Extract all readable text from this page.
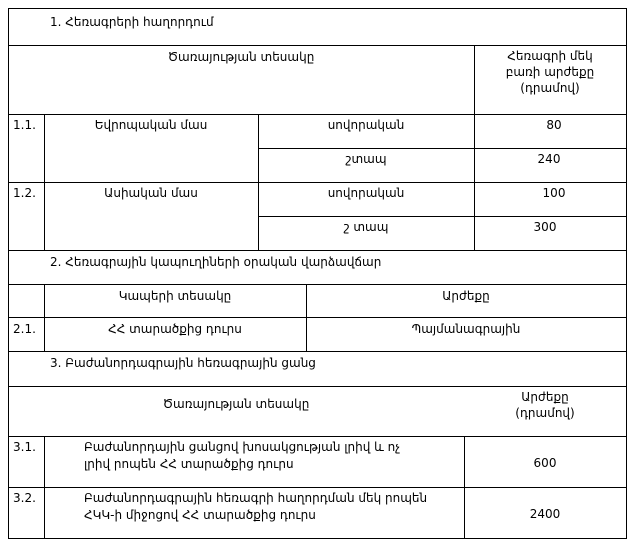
1. Հեռագրերի հաղորդում
Ծառայության տեսակը	Հեռագրի մեկ
բառի արժեքը
(դրամով)
1.1.	Եվրոպական մաս	սովորական	80
շտապ	240
1.2.	Ասիական մաս	սովորական	100
շ տապ	300
2. Հեռագրային կապուղիների օրական վարձավճար
Կապերի տեսակը	Արժեքը
2.1.	ՀՀ տարածքից դուրս	Պայմանագրային
3. Բաժանորդագրային հեռագրային ցանց
Ծառայության տեսակը	Արժեքը
(դրամով)
3.1.	Բաժանորդային ցանցով խոսակցության լրիվ և ոչ
լրիվ րոպեն ՀՀ տարածքից դուրս	600
3.2.	Բաժանորդագրային հեռագրի հաղորդման մեկ րոպեն
ՀԿԿ-ի միջոցով ՀՀ տարածքից դուրս	2400
